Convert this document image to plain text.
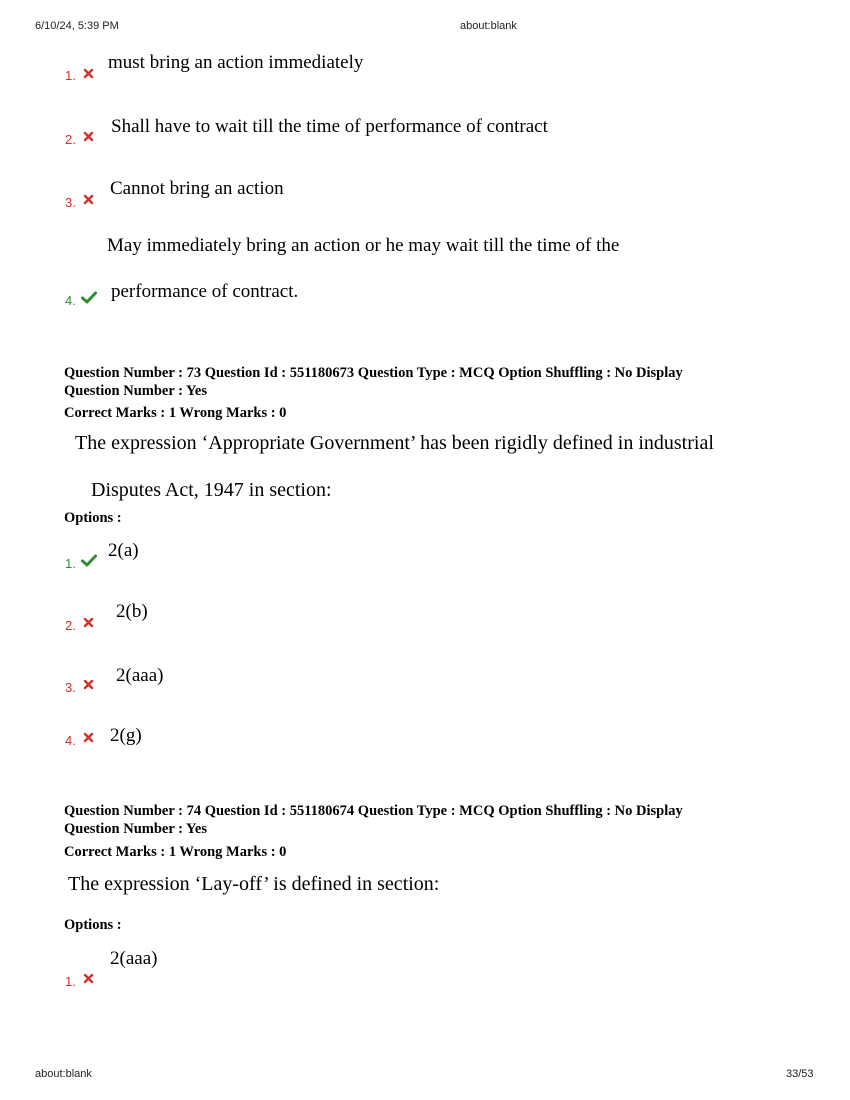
6/10/24, 5:39 PM	about:blank
1.
must bring an action immediately
2.
Shall have to wait till the time of performance of contract
3.
Cannot bring an action
May immediately bring an action or he may wait till the time of the
4. performance of contract.
Question Number : 73 Question Id : 551180673 Question Type : MCQ Option Shuffling : No Display
Question Number : Yes
Correct Marks : 1 Wrong Marks : 0
The expression ‘Appropriate Government’ has been rigidly defined in industrial
Disputes Act, 1947 in section:
Options :
1.
2(a)
2.
2(b)
3.
2(aaa)
4. 2(g)
Question Number : 74 Question Id : 551180674 Question Type : MCQ Option Shuffling : No Display
Question Number : Yes
Correct Marks : 1 Wrong Marks : 0
The expression ‘Lay-off’ is defined in section:
Options :
1.
2(aaa)
about:blank	33/53
